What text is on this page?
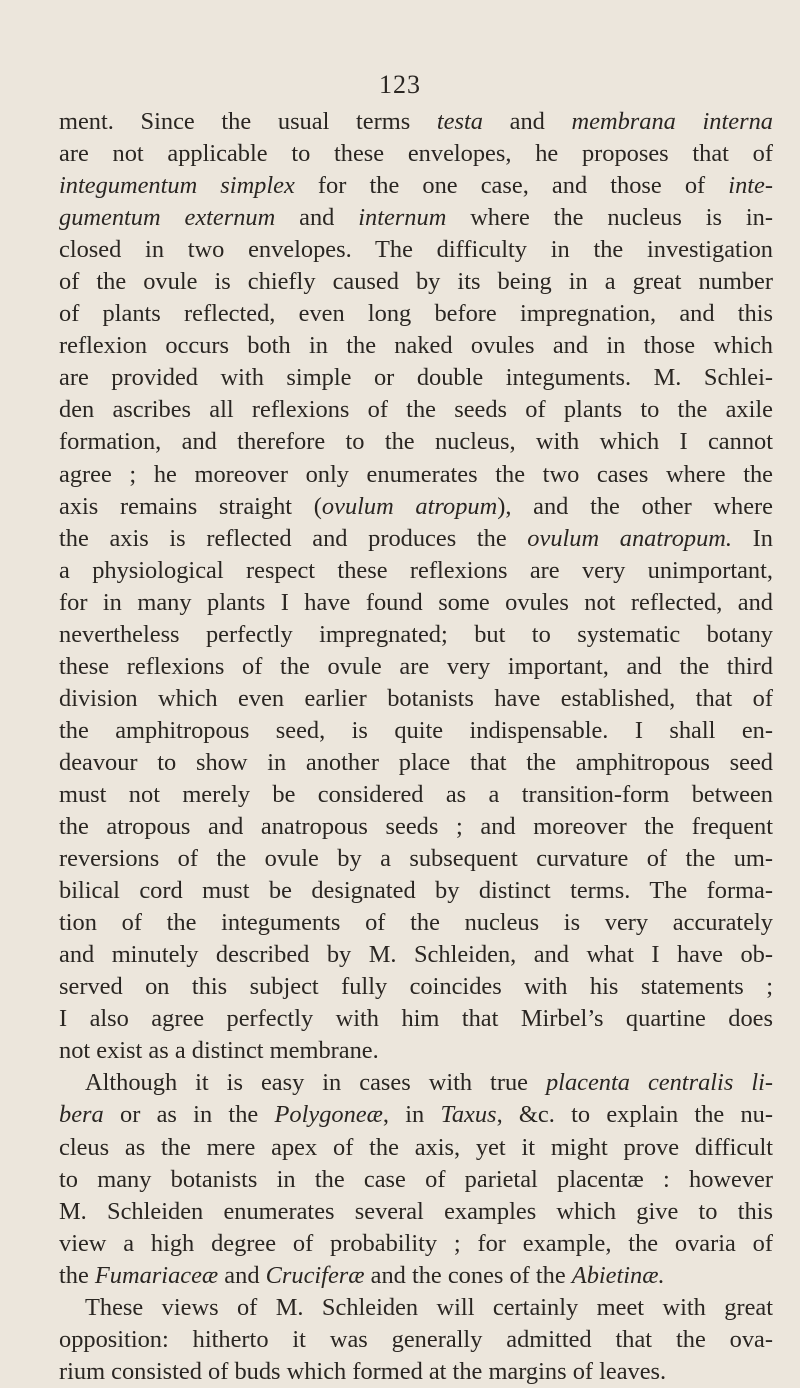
123
ment. Since the usual terms testa and membrana interna
are not applicable to these envelopes, he proposes that of
integumentum simplex for the one case, and those of inte-
gumentum externum and internum where the nucleus is in-
closed in two envelopes. The difficulty in the investigation
of the ovule is chiefly caused by its being in a great number
of plants reflected, even long before impregnation, and this
reflexion occurs both in the naked ovules and in those which
are provided with simple or double integuments. M. Schlei-
den ascribes all reflexions of the seeds of plants to the axile
formation, and therefore to the nucleus, with which I cannot
agree ; he moreover only enumerates the two cases where the
axis remains straight (ovulum atropum), and the other where
the axis is reflected and produces the ovulum anatropum. In
a physiological respect these reflexions are very unimportant,
for in many plants I have found some ovules not reflected, and
nevertheless perfectly impregnated; but to systematic botany
these reflexions of the ovule are very important, and the third
division which even earlier botanists have established, that of
the amphitropous seed, is quite indispensable. I shall en-
deavour to show in another place that the amphitropous seed
must not merely be considered as a transition-form between
the atropous and anatropous seeds ; and moreover the frequent
reversions of the ovule by a subsequent curvature of the um-
bilical cord must be designated by distinct terms. The forma-
tion of the integuments of the nucleus is very accurately
and minutely described by M. Schleiden, and what I have ob-
served on this subject fully coincides with his statements ;
I also agree perfectly with him that Mirbel’s quartine does
not exist as a distinct membrane.
Although it is easy in cases with true placenta centralis li-
bera or as in the Polygoneæ, in Taxus, &c. to explain the nu-
cleus as the mere apex of the axis, yet it might prove difficult
to many botanists in the case of parietal placentæ : however
M. Schleiden enumerates several examples which give to this
view a high degree of probability ; for example, the ovaria of
the Fumariaceæ and Cruciferæ and the cones of the Abietinæ.
These views of M. Schleiden will certainly meet with great
opposition: hitherto it was generally admitted that the ova-
rium consisted of buds which formed at the margins of leaves.
